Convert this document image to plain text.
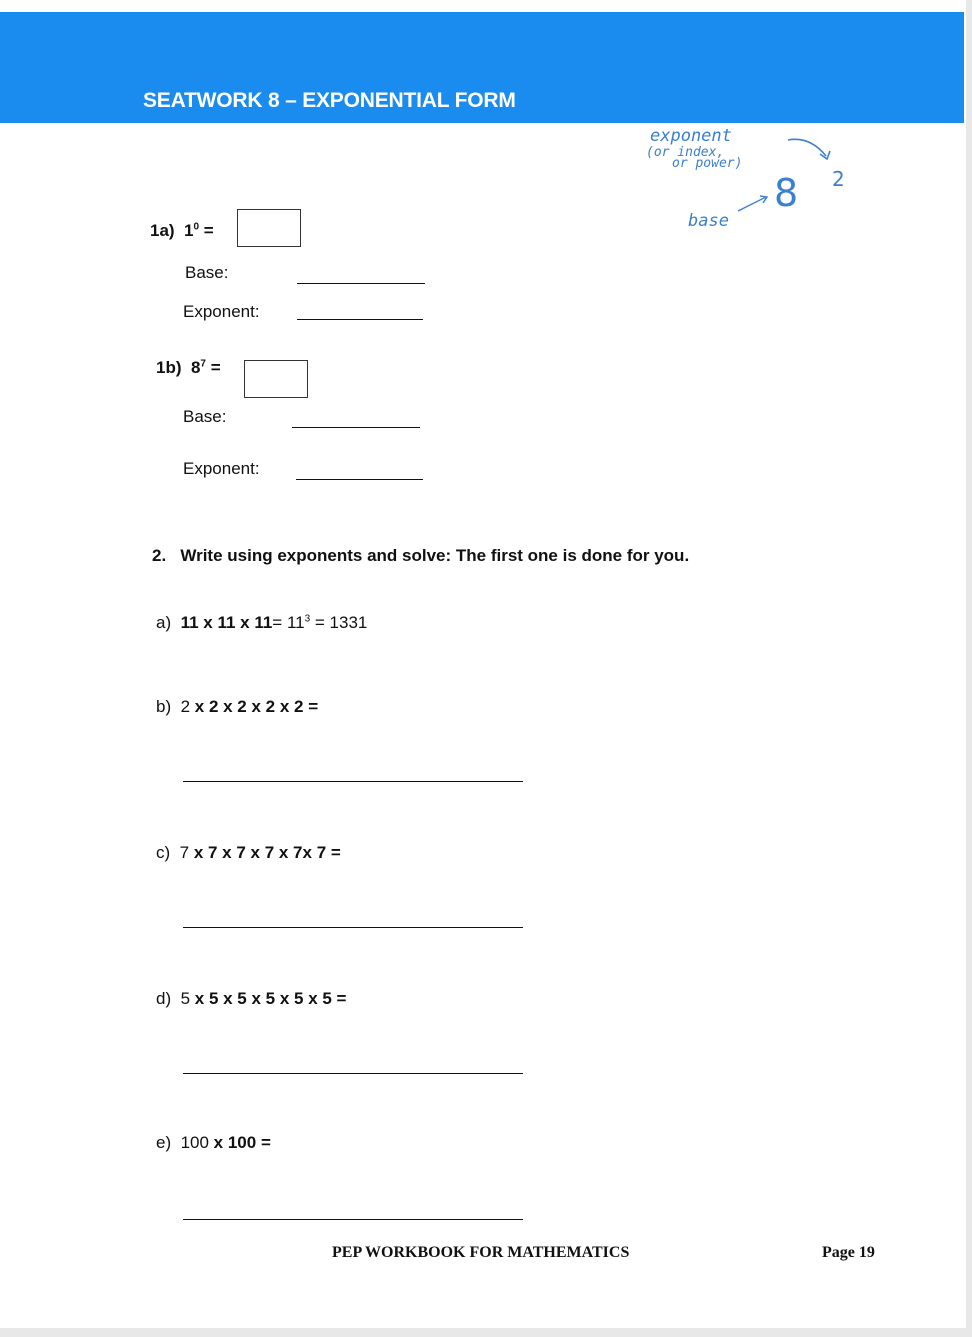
SEATWORK 8 – EXPONENTIAL FORM
exponent
(or index,
or power)
8 2
base
1a) $1^0$ =
Base:
Exponent:
1b) $8^7$ =
Base:
Exponent:
2. Write using exponents and solve: The first one is done for you.
a) 11 x 11 x $11= 11^3 = 1331$
b) 2 x 2 x 2 x 2 x 2 =
c) 7 x 7 x 7 x 7 x 7x 7 =
d) 5 x 5 x 5 x 5 x 5 x 5 =
e) 100 x 100 =
PEP WORKBOOK FOR MATHEMATICS	Page 19
